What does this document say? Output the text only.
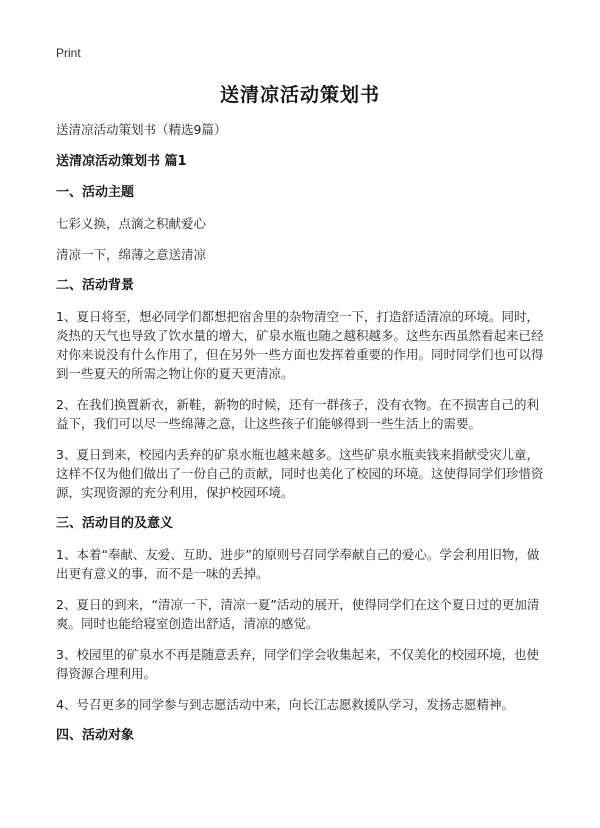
Print
送清凉活动策划书
送清凉活动策划书（精选9篇）
送清凉活动策划书 篇1
一、活动主题
七彩义换，点滴之积献爱心
清凉一下，绵薄之意送清凉
二、活动背景
1、夏日将至，想必同学们都想把宿舍里的杂物清空一下，打造舒适清凉的环境。同时，炎热的天气也导致了饮水量的增大，矿泉水瓶也随之越积越多。这些东西虽然看起来已经对你来说没有什么作用了，但在另外一些方面也发挥着重要的作用。同时同学们也可以得到一些夏天的所需之物让你的夏天更清凉。
2、在我们换置新衣，新鞋，新物的时候，还有一群孩子，没有衣物。在不损害自己的利益下，我们可以尽一些绵薄之意，让这些孩子们能够得到一些生活上的需要。
3、夏日到来，校园内丢弃的矿泉水瓶也越来越多。这些矿泉水瓶卖钱来捐献受灾儿童，这样不仅为他们做出了一份自己的贡献，同时也美化了校园的环境。这使得同学们珍惜资源，实现资源的充分利用，保护校园环境。
三、活动目的及意义
1、本着“奉献、友爱、互助、进步”的原则号召同学奉献自己的爱心。学会利用旧物，做出更有意义的事，而不是一味的丢掉。
2、夏日的到来，“清凉一下，清凉一夏”活动的展开，使得同学们在这个夏日过的更加清爽。同时也能给寝室创造出舒适，清凉的感觉。
3、校园里的矿泉水不再是随意丢弃，同学们学会收集起来，不仅美化的校园环境，也使得资源合理利用。
4、号召更多的同学参与到志愿活动中来，向长江志愿救援队学习，发扬志愿精神。
四、活动对象
